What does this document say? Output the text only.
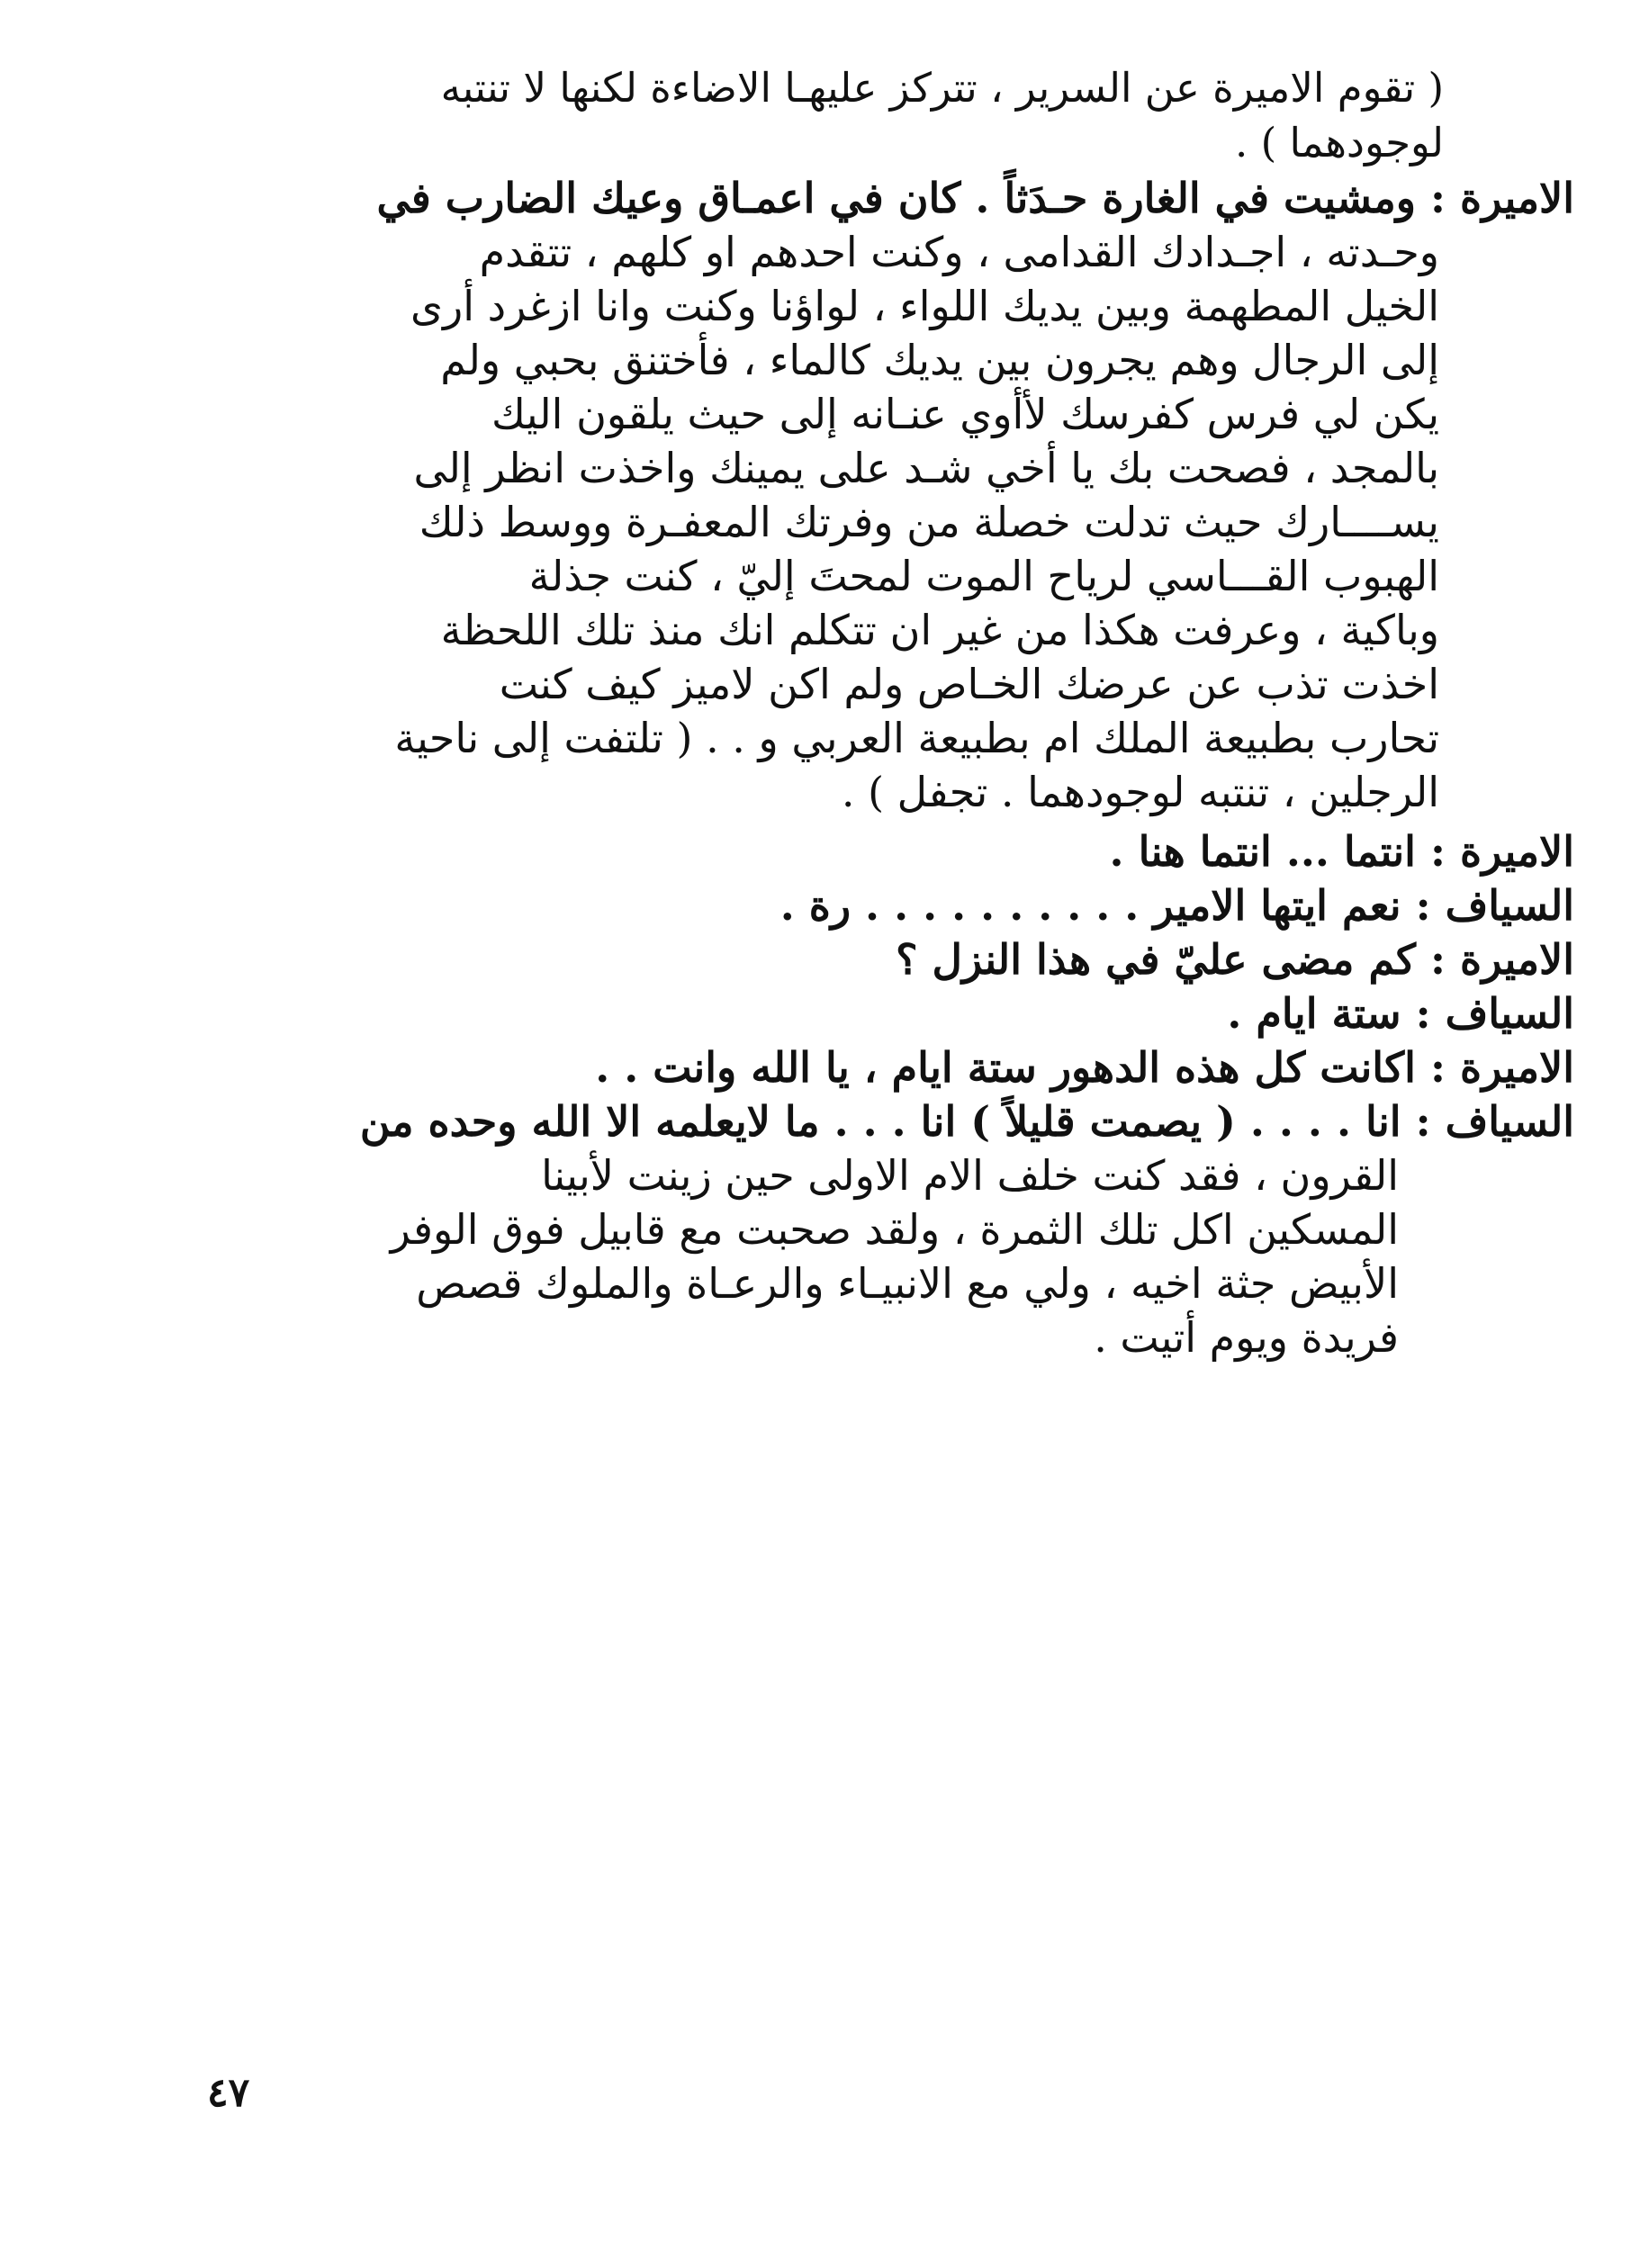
( تقوم الاميرة عن السرير ، تتركز عليهـا الاضاءة لكنها لا تنتبه

لوجودهما ) .

الاميرة : ومشيت في الغارة حـدَثاً . كان في اعمـاق وعيك الضارب في

وحـدته ، اجـدادك القدامى ، وكنت احدهم او كلهم ، تتقدم

الخيل المطهمة وبين يديك اللواء ، لواؤنا وكنت وانا ازغرد أرى

إلى الرجال وهم يجرون بين يديك كالماء ، فأختنق بحبي ولم

يكن لي فرس كفرسك لأأوي عنـانه إلى حيث يلقون اليك

بالمجد ، فصحت بك يا أخي شـد على يمينك واخذت انظر إلى

يســــارك حيث تدلت خصلة من وفرتك المعفـرة ووسط ذلك

الهبوب القـــاسي لرياح الموت لمحتَ إليّ ، كنت جذلة

وباكية ، وعرفت هكذا من غير ان تتكلم انك منذ تلك اللحظة

اخذت تذب عن عرضك الخـاص ولم اكن لاميز كيف كنت

تحارب بطبيعة الملك ام بطبيعة العربي و . . ( تلتفت إلى ناحية

الرجلين ، تنتبه لوجودهما . تجفل ) .

الاميرة : انتما ... انتما هنا .

السياف : نعم ايتها الامير . . . . . . . . . . رة .

الاميرة : كم مضى عليّ في هذا النزل ؟

السياف : ستة ايام .

الاميرة : اكانت كل هذه الدهور ستة ايام ، يا الله وانت . .

السياف : انا . . . . ( يصمت قليلاً ) انا . . . ما لايعلمه الا الله وحده من

القرون ، فقد كنت خلف الام الاولى حين زينت لأبينا

المسكين اكل تلك الثمرة ، ولقد صحبت مع قابيل فوق الوفر

الأبيض جثة اخيه ، ولي مع الانبيـاء والرعـاة والملوك قصص

فريدة ويوم أتيت .

٤٧
